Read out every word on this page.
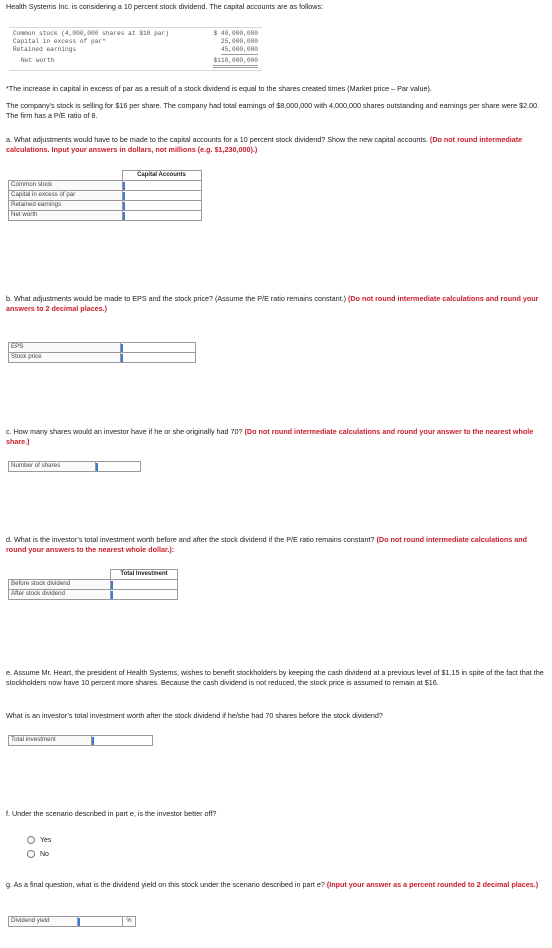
Health Systems Inc. is considering a 10 percent stock dividend. The capital accounts are as follows:
Common stock (4,000,000 shares at $10 par)	$ 40,000,000
Capital in excess of par*	25,000,000
Retained earnings	45,000,000
Net worth	$110,000,000
*The increase in capital in excess of par as a result of a stock dividend is equal to the shares created times (Market price – Par value).
The company’s stock is selling for $16 per share. The company had total earnings of $8,000,000 with 4,000,000 shares outstanding and earnings per share were $2.00. The firm has a P/E ratio of 8.
a. What adjustments would have to be made to the capital accounts for a 10 percent stock dividend? Show the new capital accounts. (Do not round intermediate calculations. Input your answers in dollars, not millions (e.g. $1,230,000).)
	Capital Accounts
Common stock	

Capital in excess of par	

Retained earnings	

Net worth	
b. What adjustments would be made to EPS and the stock price? (Assume the P/E ratio remains constant.) (Do not round intermediate calculations and round your answers to 2 decimal places.)
EPS	

Stock price	
c. How many shares would an investor have if he or she originally had 70? (Do not round intermediate calculations and round your answer to the nearest whole share.)
Number of shares	
d. What is the investor’s total investment worth before and after the stock dividend if the P/E ratio remains constant? (Do not round intermediate calculations and round your answers to the nearest whole dollar.):
	Total Investment
Before stock dividend	

After stock dividend	
e. Assume Mr. Heart, the president of Health Systems, wishes to benefit stockholders by keeping the cash dividend at a previous level of $1.15 in spite of the fact that the stockholders now have 10 percent more shares. Because the cash dividend is not reduced, the stock price is assumed to remain at $16.
What is an investor’s total investment worth after the stock dividend if he/she had 70 shares before the stock dividend?
Total investment	
f. Under the scenario described in part e, is the investor better off?
Yes
No
g. As a final question, what is the dividend yield on this stock under the scenario described in part e? (Input your answer as a percent rounded to 2 decimal places.)
Dividend yield		%
